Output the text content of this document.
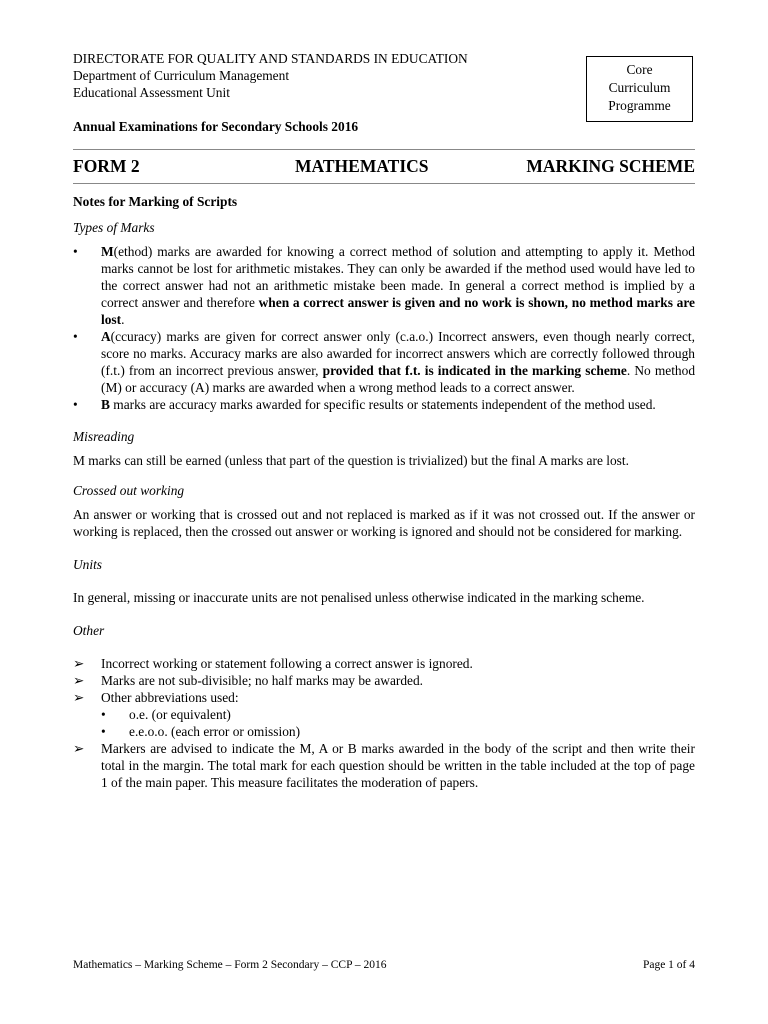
DIRECTORATE FOR QUALITY AND STANDARDS IN EDUCATION
Department of Curriculum Management
Educational Assessment Unit
Core
Curriculum
Programme
Annual Examinations for Secondary Schools 2016
FORM 2	MATHEMATICS	MARKING SCHEME

Notes for Marking of Scripts

Types of Marks

• M(ethod) marks are awarded for knowing a correct method of solution and attempting to apply it. Method marks cannot be lost for arithmetic mistakes. They can only be awarded if the method used would have led to the correct answer had not an arithmetic mistake been made. In general a correct method is implied by a correct answer and therefore when a correct answer is given and no work is shown, no method marks are lost.
• A(ccuracy) marks are given for correct answer only (c.a.o.) Incorrect answers, even though nearly correct, score no marks. Accuracy marks are also awarded for incorrect answers which are correctly followed through (f.t.) from an incorrect previous answer, provided that f.t. is indicated in the marking scheme. No method (M) or accuracy (A) marks are awarded when a wrong method leads to a correct answer.
• B marks are accuracy marks awarded for specific results or statements independent of the method used.

Misreading

M marks can still be earned (unless that part of the question is trivialized) but the final A marks are lost.

Crossed out working

An answer or working that is crossed out and not replaced is marked as if it was not crossed out. If the answer or working is replaced, then the crossed out answer or working is ignored and should not be considered for marking.

Units

In general, missing or inaccurate units are not penalised unless otherwise indicated in the marking scheme.

Other

➢ Incorrect working or statement following a correct answer is ignored.
➢ Marks are not sub-divisible; no half marks may be awarded.
➢ Other abbreviations used:
• o.e. (or equivalent)
• e.e.o.o. (each error or omission)
➢ Markers are advised to indicate the M, A or B marks awarded in the body of the script and then write their total in the margin. The total mark for each question should be written in the table included at the top of page 1 of the main paper. This measure facilitates the moderation of papers.
Mathematics – Marking Scheme – Form 2 Secondary – CCP – 2016	Page 1 of 4
